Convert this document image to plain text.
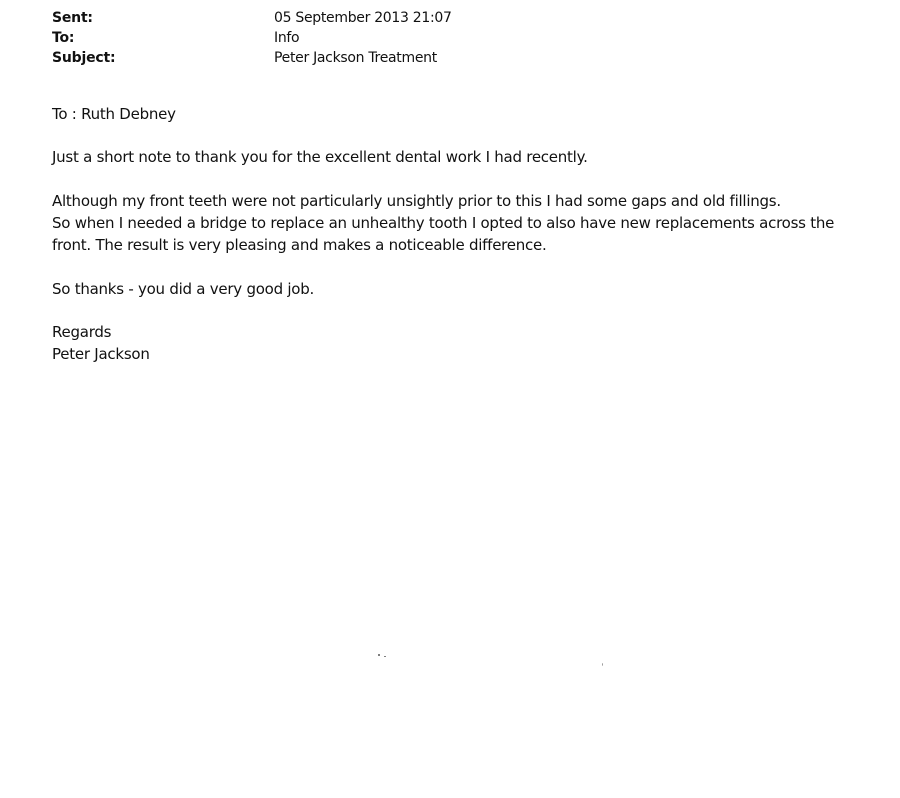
Sent:	05 September 2013 21:07
To:	Info
Subject:	Peter Jackson Treatment

To : Ruth Debney

Just a short note to thank you for the excellent dental work I had recently.

Although my front teeth were not particularly unsightly prior to this I had some gaps and old fillings.

So when I needed a bridge to replace an unhealthy tooth I opted to also have new replacements across the

front. The result is very pleasing and makes a noticeable difference.

So thanks - you did a very good job.

Regards

Peter Jackson
